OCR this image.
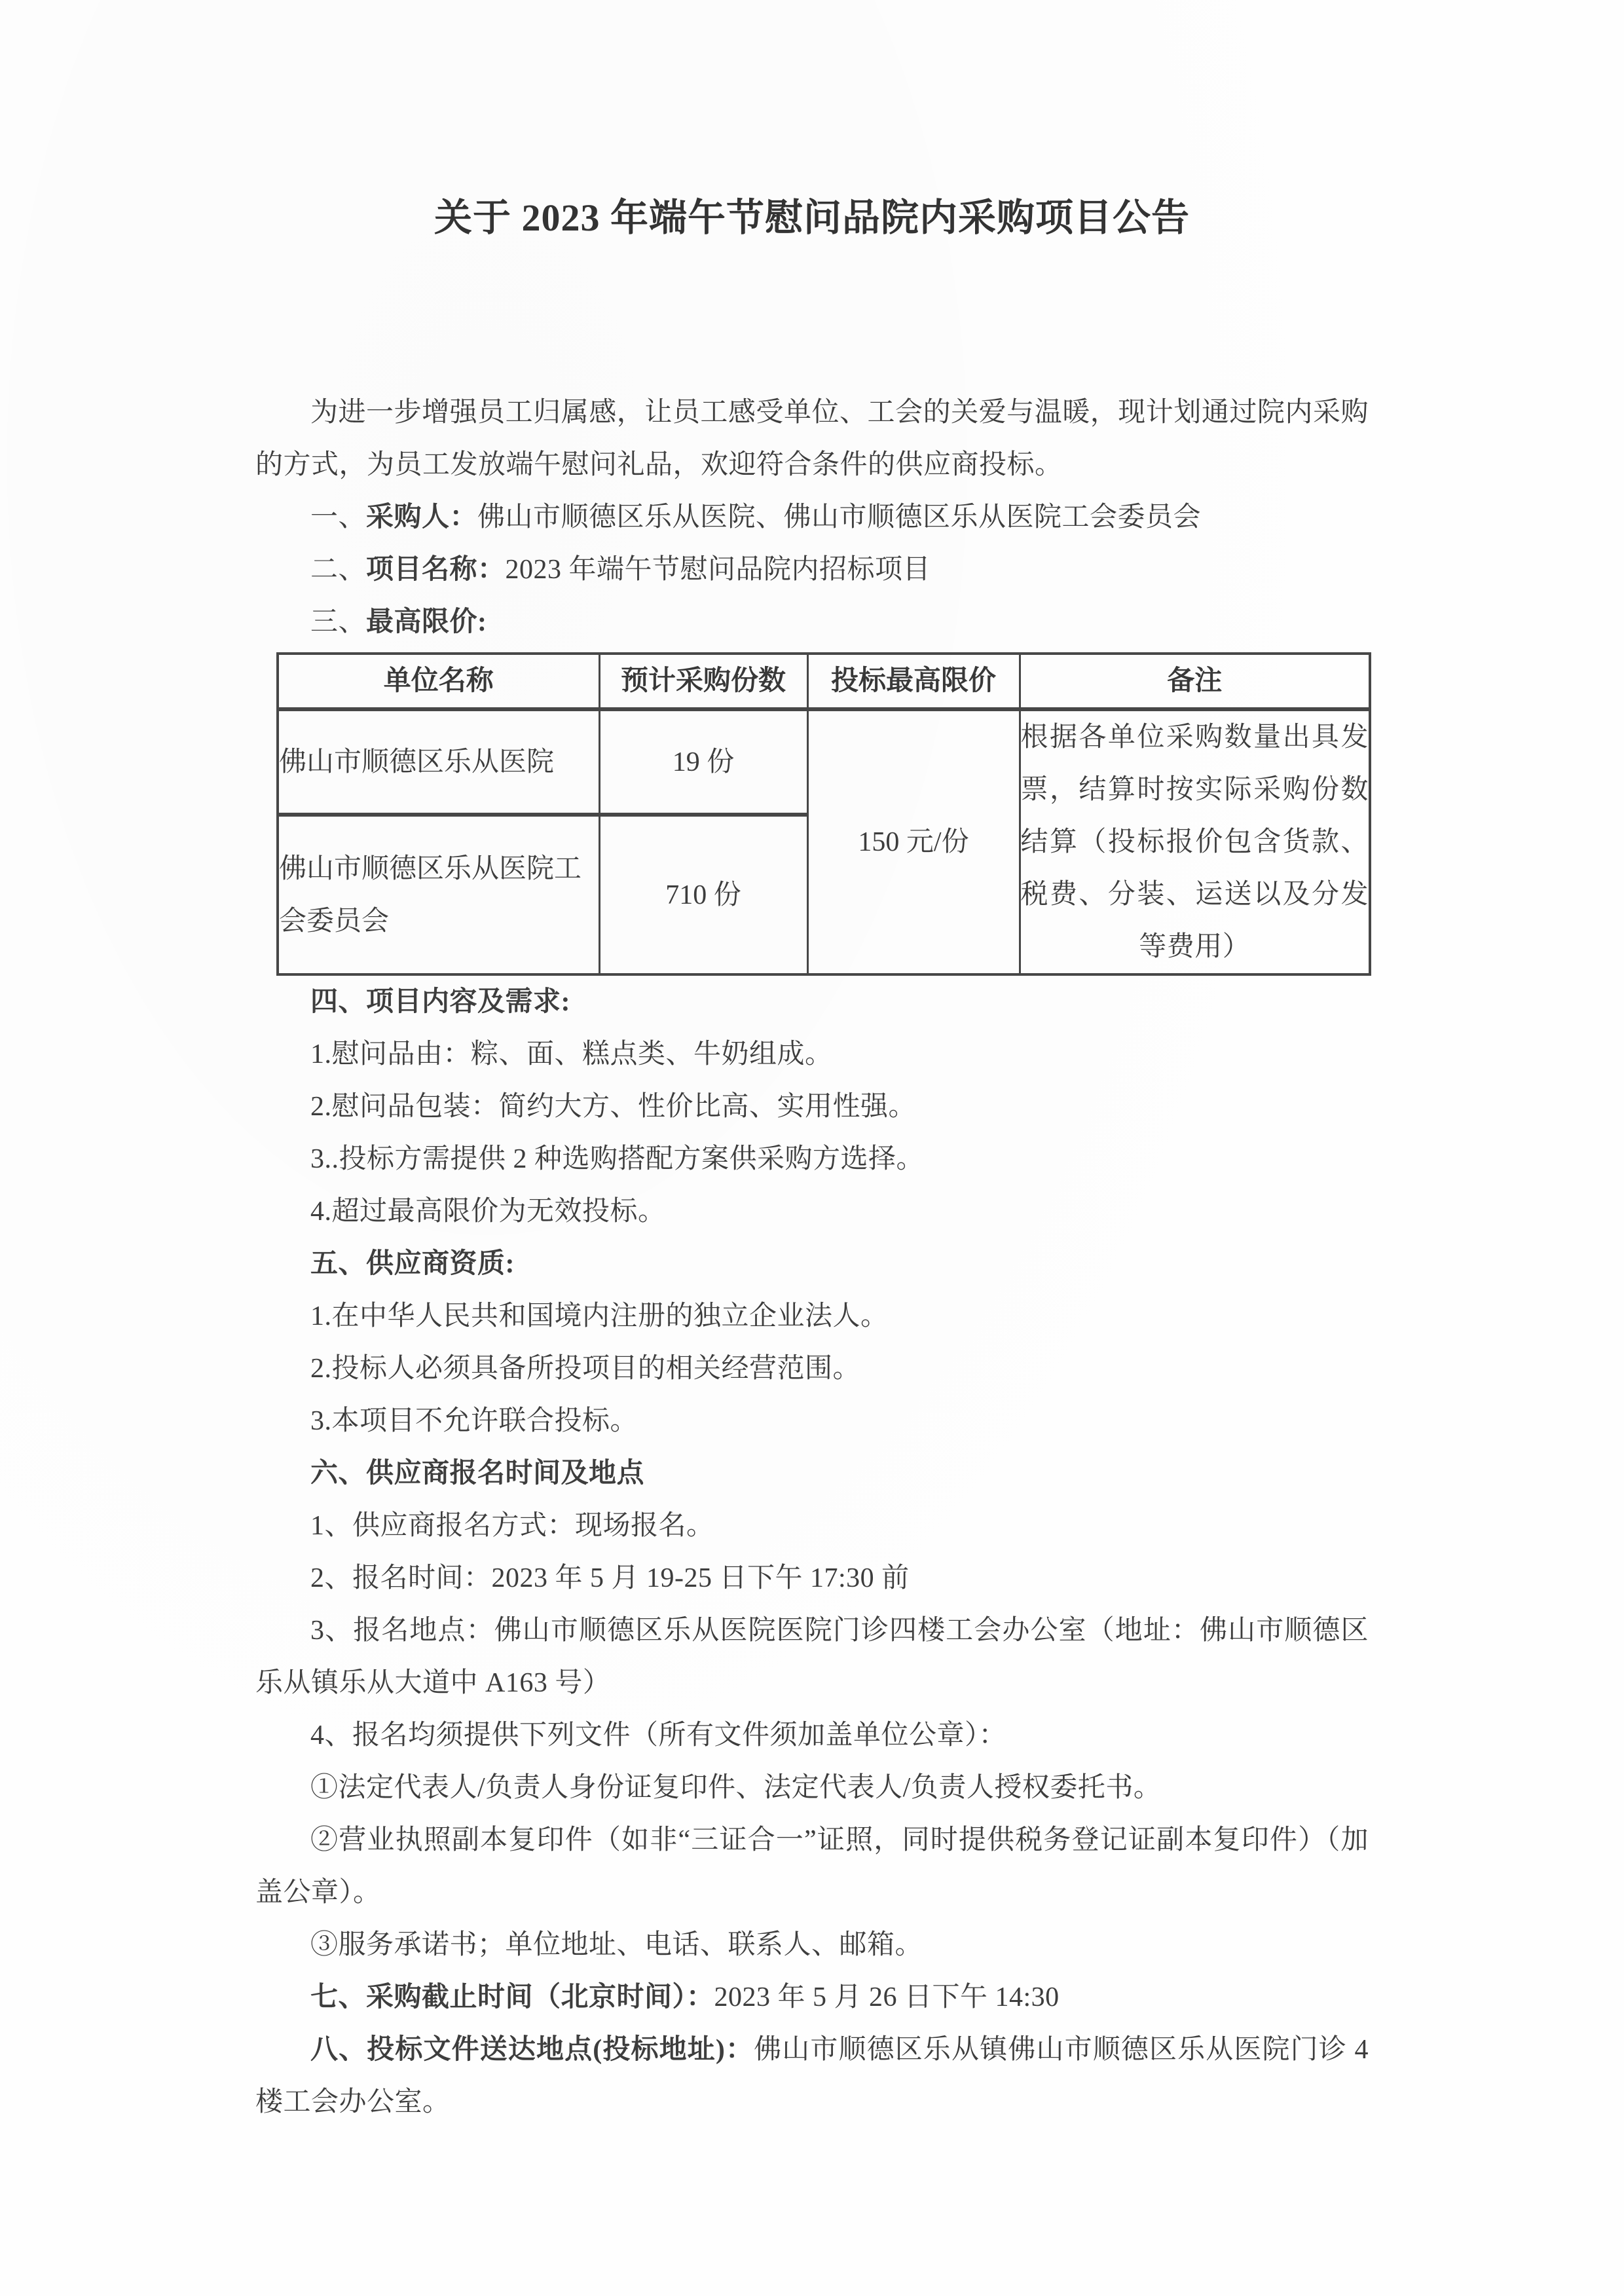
关于 2023 年端午节慰问品院内采购项目公告

为进一步增强员工归属感，让员工感受单位、工会的关爱与温暖，现计划通过院内采购的方式，为员工发放端午慰问礼品，欢迎符合条件的供应商投标。

一、采购人：佛山市顺德区乐从医院、佛山市顺德区乐从医院工会委员会

二、项目名称：2023 年端午节慰问品院内招标项目

三、最高限价:

单位名称	预计采购份数	投标最高限价	备注
佛山市顺德区乐从医院	19 份	150 元/份	根据各单位采购数量出具发票，结算时按实际采购份数结算（投标报价包含货款、税费、分装、运送以及分发等费用）
佛山市顺德区乐从医院工会委员会	710 份		

四、项目内容及需求:

1.慰问品由：粽、面、糕点类、牛奶组成。

2.慰问品包装：简约大方、性价比高、实用性强。

3..投标方需提供 2 种选购搭配方案供采购方选择。

4.超过最高限价为无效投标。

五、供应商资质:

1.在中华人民共和国境内注册的独立企业法人。

2.投标人必须具备所投项目的相关经营范围。

3.本项目不允许联合投标。

六、供应商报名时间及地点

1、供应商报名方式：现场报名。

2、报名时间：2023 年 5 月 19-25 日下午 17:30 前

3、报名地点：佛山市顺德区乐从医院医院门诊四楼工会办公室（地址：佛山市顺德区乐从镇乐从大道中 A163 号）

4、报名均须提供下列文件（所有文件须加盖单位公章）：

①法定代表人/负责人身份证复印件、法定代表人/负责人授权委托书。

②营业执照副本复印件（如非“三证合一”证照，同时提供税务登记证副本复印件）（加盖公章）。

③服务承诺书；单位地址、电话、联系人、邮箱。

七、采购截止时间（北京时间）：2023 年 5 月 26 日下午 14:30

八、投标文件送达地点(投标地址)：佛山市顺德区乐从镇佛山市顺德区乐从医院门诊 4 楼工会办公室。
